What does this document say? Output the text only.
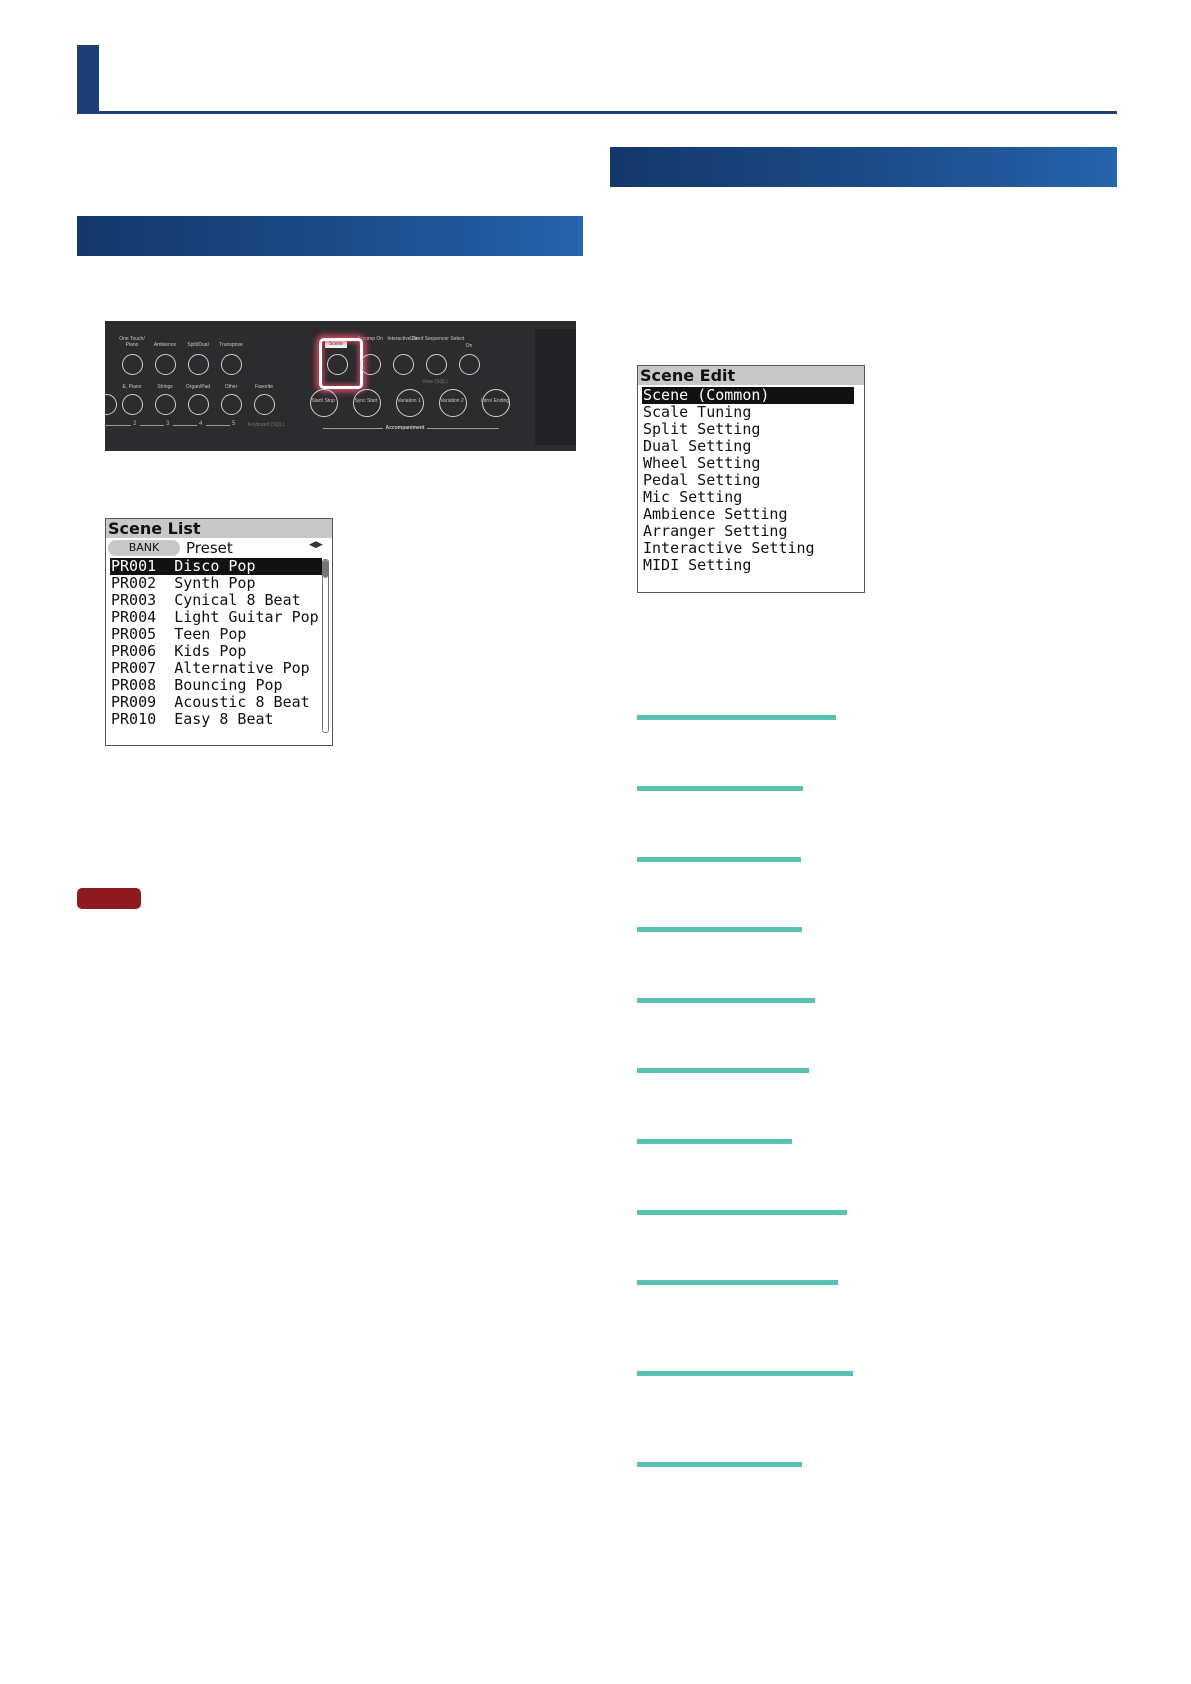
One Touch/ Piano	Ambience	Split/Dual	Transpose	Scene
Accomp On Interactive On
Chord Sequencer Select
On
View (SQL)
E. Piano	Strings	Organ/Pad	Other	Favorite
2	3	4	5	Keyboard (SQL)
Start/ Stop	Sync Start	Variation 1	Variation 2	Intro/ Ending
Accompaniment
Scene List
BANK	Preset	◀▶
PR001  Disco Pop
PR002  Synth Pop
PR003  Cynical 8 Beat
PR004  Light Guitar Pop
PR005  Teen Pop
PR006  Kids Pop
PR007  Alternative Pop
PR008  Bouncing Pop
PR009  Acoustic 8 Beat
PR010  Easy 8 Beat
Scene Edit
Scene (Common)
Scale Tuning
Split Setting
Dual Setting
Wheel Setting
Pedal Setting
Mic Setting
Ambience Setting
Arranger Setting
Interactive Setting
MIDI Setting
